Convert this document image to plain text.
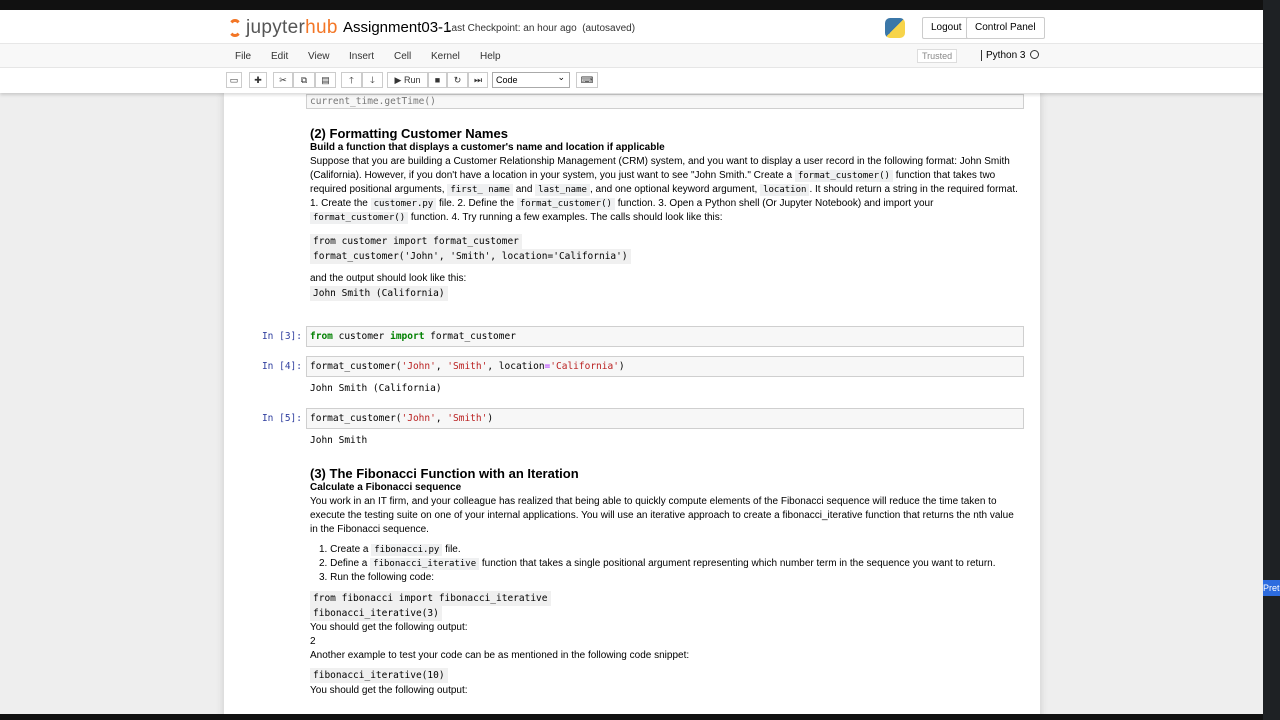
jupyterhub Assignment03-1
Last Checkpoint: an hour ago (autosaved)	Logout	Control Panel
File Edit View Insert Cell Kernel Help	Trusted	Python 3
▭	✚	✂	⧉	▤	🡑	🡓	▶ Run	■	↻	⏭	Code ⌄	⌨
current_time.getTime()
(2) Formatting Customer Names
Build a function that displays a customer's name and location if applicable

Suppose that you are building a Customer Relationship Management (CRM) system, and you want to display a user record in the following format: John Smith (California). However, if you don't have a location in your system, you just want to see "John Smith." Create a format_customer() function that takes two required positional arguments, first_ name and last_name , and one optional keyword argument, location . It should return a string in the required format. 1. Create the customer.py file. 2. Define the format_customer() function. 3. Open a Python shell (Or Jupyter Notebook) and import your format_customer() function. 4. Try running a few examples. The calls should look like this:

from customer import format_customer
format_customer('John', 'Smith', location='California')

and the output should look like this:

John Smith (California)
In [3]: from customer import format_customer
In [4]: format_customer('John', 'Smith', location='California')
John Smith (California)
In [5]: format_customer('John', 'Smith')
John Smith
(3) The Fibonacci Function with an Iteration
Calculate a Fibonacci sequence

You work in an IT firm, and your colleague has realized that being able to quickly compute elements of the Fibonacci sequence will reduce the time taken to execute the testing suite on one of your internal applications. You will use an iterative approach to create a fibonacci_iterative function that returns the nth value in the Fibonacci sequence.

1. Create a fibonacci.py file.
2. Define a fibonacci_iterative function that takes a single positional argument representing which number term in the sequence you want to return.
3. Run the following code:
from fibonacci import fibonacci_iterative
fibonacci_iterative(3)

You should get the following output:

2

Another example to test your code can be as mentioned in the following code snippet:

fibonacci_iterative(10)

You should get the following output:

Pret
